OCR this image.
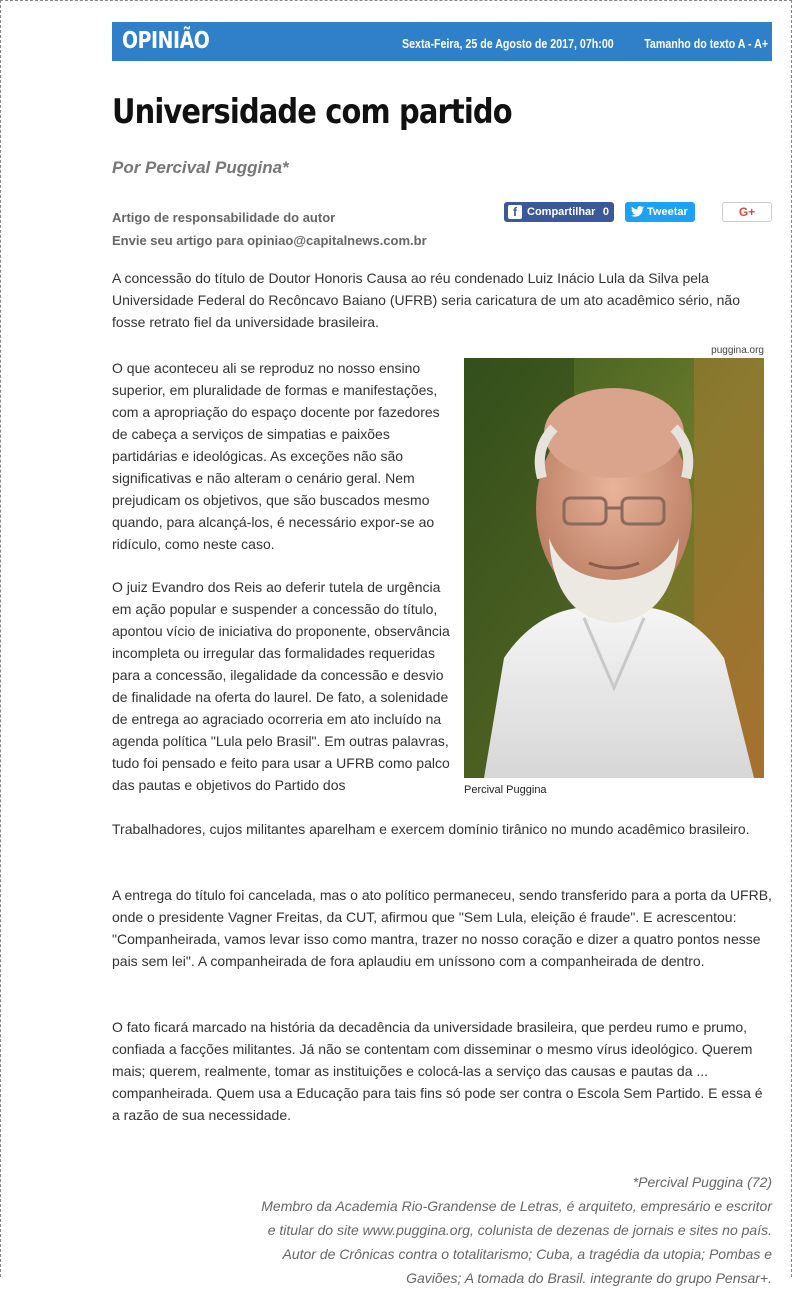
OPINIÃO	Sexta-Feira, 25 de Agosto de 2017, 07h:00 Tamanho do texto A - A+
Universidade com partido
Por Percival Puggina*
Artigo de responsabilidade do autor
Envie seu artigo para opiniao@capitalnews.com.br
f Compartilhar 0	Tweetar	G+

A concessão do título de Doutor Honoris Causa ao réu condenado Luiz Inácio Lula da Silva pela Universidade Federal do Recôncavo Baiano (UFRB) seria caricatura de um ato acadêmico sério, não fosse retrato fiel da universidade brasileira.

O que aconteceu ali se reproduz no nosso ensino superior, em pluralidade de formas e manifestações, com a apropriação do espaço docente por fazedores de cabeça a serviços de simpatias e paixões partidárias e ideológicas. As exceções não são significativas e não alteram o cenário geral. Nem prejudicam os objetivos, que são buscados mesmo quando, para alcançá-los, é necessário expor-se ao ridículo, como neste caso.

O juiz Evandro dos Reis ao deferir tutela de urgência em ação popular e suspender a concessão do título, apontou vício de iniciativa do proponente, observância incompleta ou irregular das formalidades requeridas para a concessão, ilegalidade da concessão e desvio de finalidade na oferta do laurel. De fato, a solenidade de entrega ao agraciado ocorreria em ato incluído na agenda política "Lula pelo Brasil". Em outras palavras, tudo foi pensado e feito para usar a UFRB como palco das pautas e objetivos do Partido dos

Trabalhadores, cujos militantes aparelham e exercem domínio tirânico no mundo acadêmico brasileiro.

A entrega do título foi cancelada, mas o ato político permaneceu, sendo transferido para a porta da UFRB, onde o presidente Vagner Freitas, da CUT, afirmou que "Sem Lula, eleição é fraude". E acrescentou: "Companheirada, vamos levar isso como mantra, trazer no nosso coração e dizer a quatro pontos nesse pais sem lei". A companheirada de fora aplaudiu em uníssono com a companheirada de dentro.

O fato ficará marcado na história da decadência da universidade brasileira, que perdeu rumo e prumo, confiada a facções militantes. Já não se contentam com disseminar o mesmo vírus ideológico. Querem mais; querem, realmente, tomar as instituições e colocá-las a serviço das causas e pautas da ... companheirada. Quem usa a Educação para tais fins só pode ser contra o Escola Sem Partido. E essa é a razão de sua necessidade.

puggina.org
Percival Puggina
*Percival Puggina (72)
Membro da Academia Rio-Grandense de Letras, é arquiteto, empresário e escritor
e titular do site www.puggina.org, colunista de dezenas de jornais e sites no país.
Autor de Crônicas contra o totalitarismo; Cuba, a tragédia da utopia; Pombas e
Gaviões; A tomada do Brasil. integrante do grupo Pensar+.
